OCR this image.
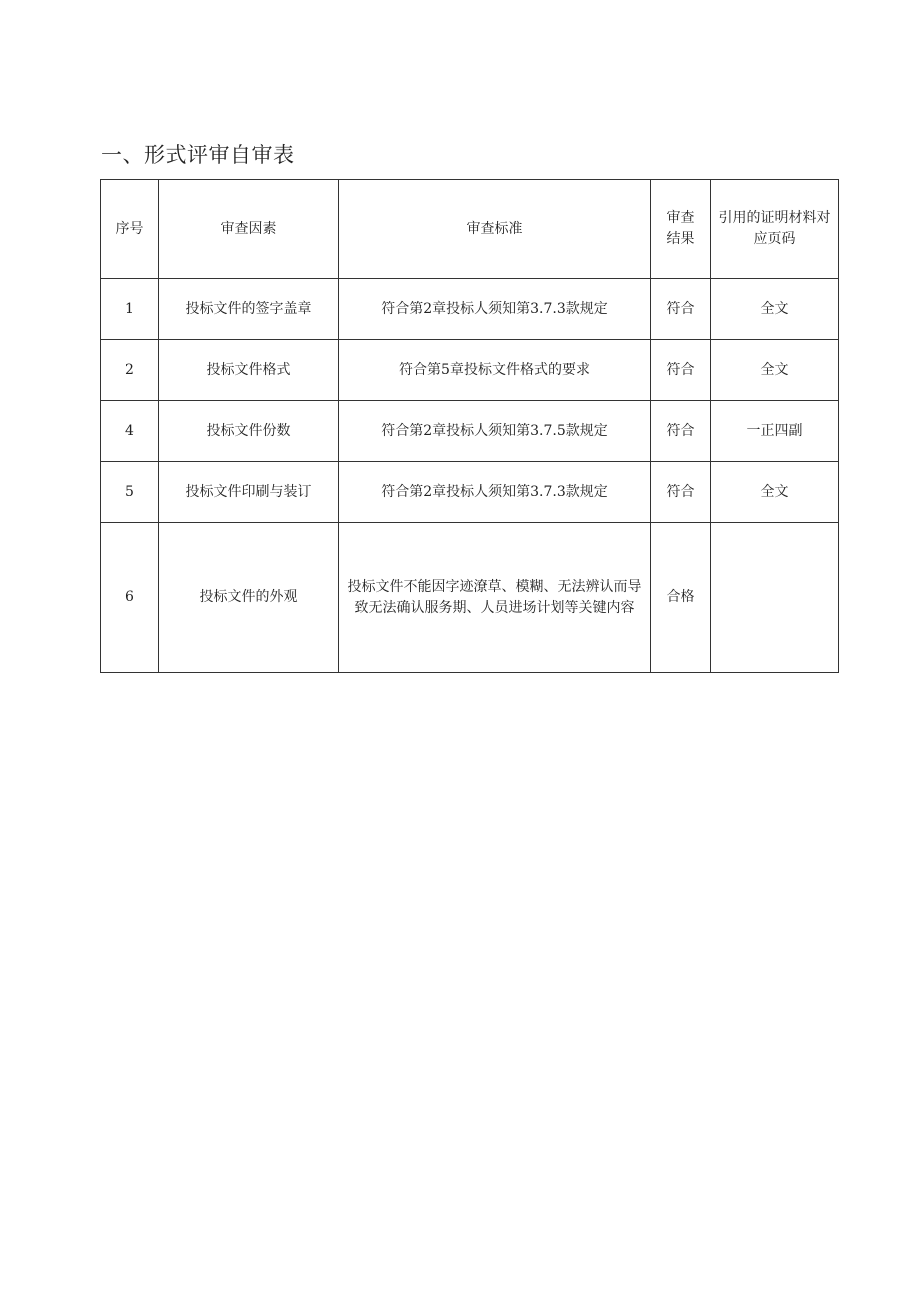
一、形式评审自审表
序号	审查因素	审查标准	审查结果	引用的证明材料对应页码
1	投标文件的签字盖章	符合第2章投标人须知第3.7.3款规定	符合	全文
2	投标文件格式	符合第5章投标文件格式的要求	符合	全文
4	投标文件份数	符合第2章投标人须知第3.7.5款规定	符合	一正四副
5	投标文件印刷与装订	符合第2章投标人须知第3.7.3款规定	符合	全文
6	投标文件的外观	投标文件不能因字迹潦草、模糊、无法辨认而导致无法确认服务期、人员进场计划等关键内容	合格	
